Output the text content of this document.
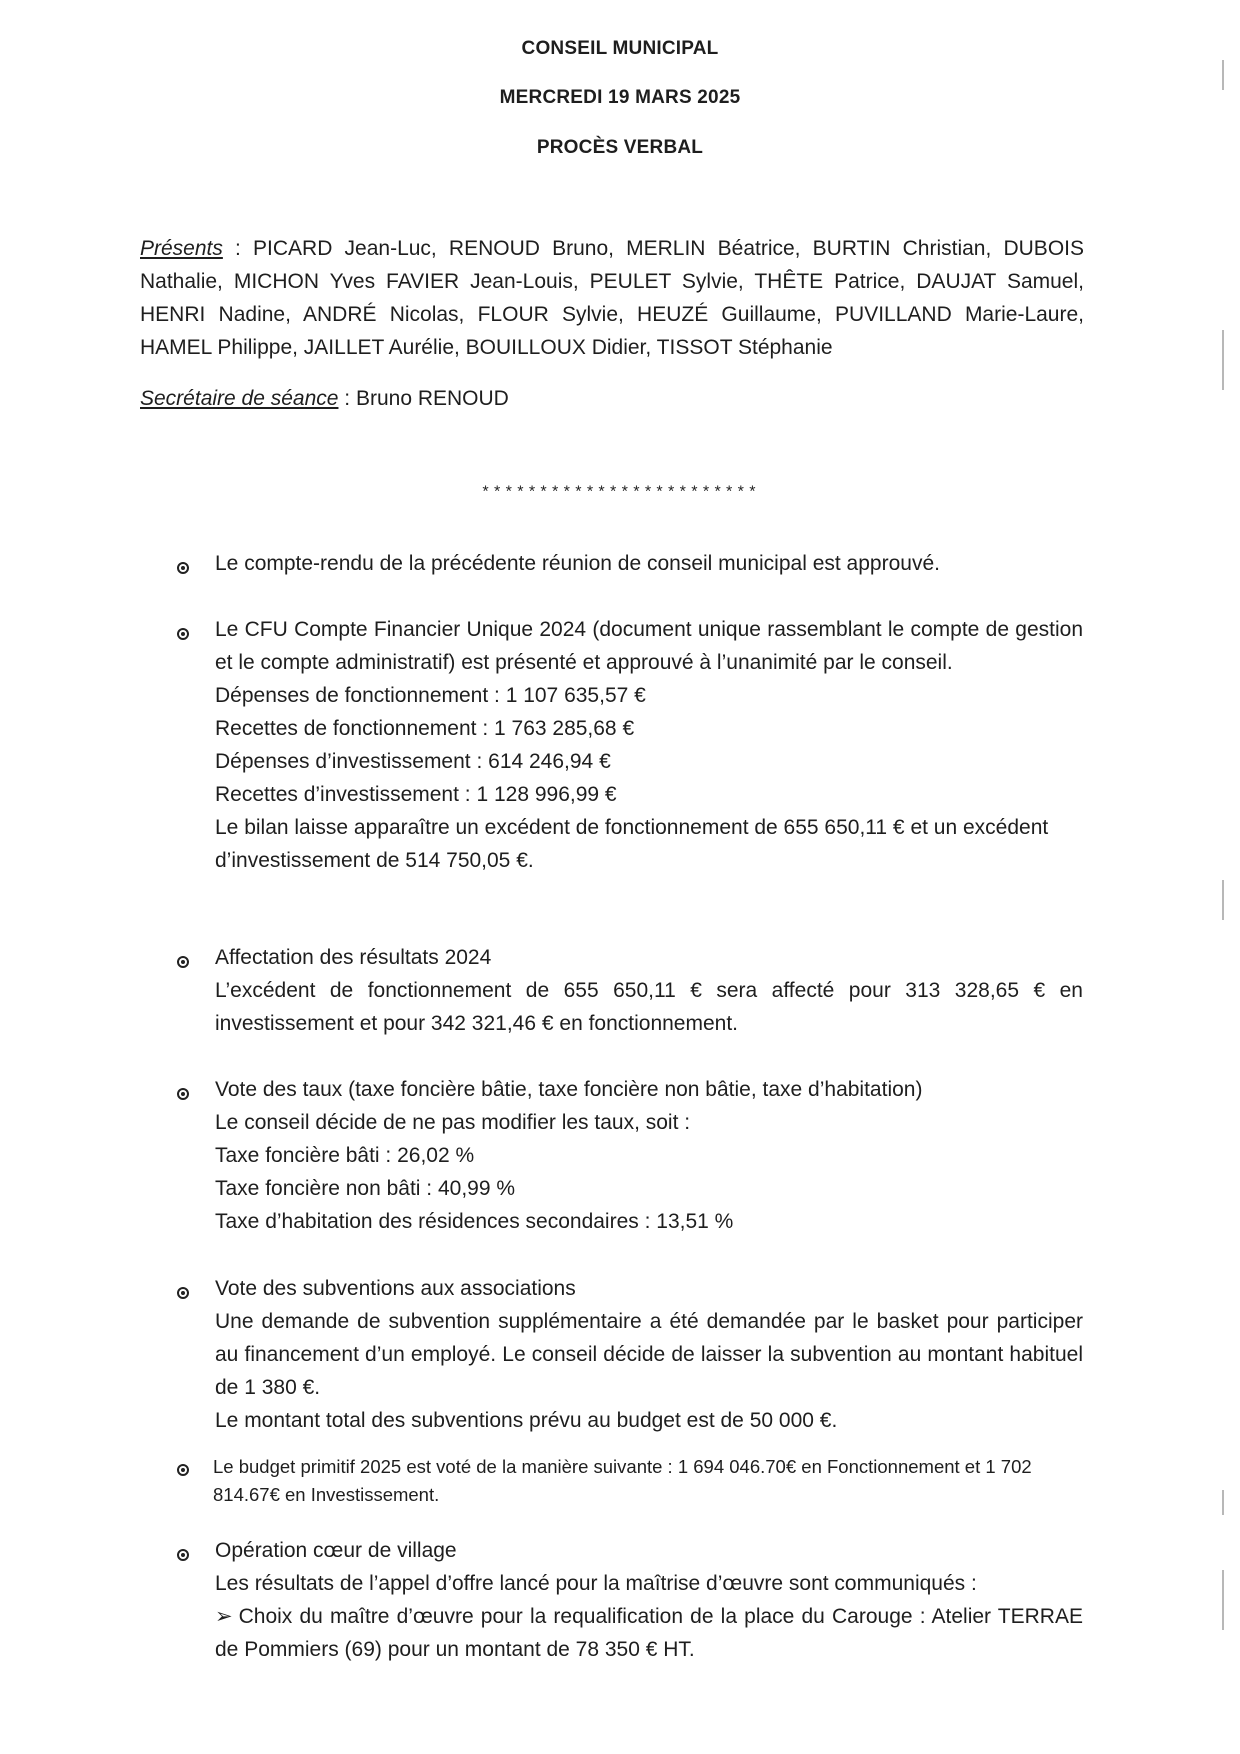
CONSEIL MUNICIPAL
MERCREDI 19 MARS 2025
PROCÈS VERBAL
Présents : PICARD Jean-Luc, RENOUD Bruno, MERLIN Béatrice, BURTIN Christian, DUBOIS Nathalie, MICHON Yves FAVIER Jean-Louis, PEULET Sylvie, THÊTE Patrice, DAUJAT Samuel, HENRI Nadine, ANDRÉ Nicolas, FLOUR Sylvie, HEUZÉ Guillaume, PUVILLAND Marie-Laure, HAMEL Philippe, JAILLET Aurélie, BOUILLOUX Didier, TISSOT Stéphanie
Secrétaire de séance : Bruno RENOUD
************************
Le compte-rendu de la précédente réunion de conseil municipal est approuvé.
Le CFU Compte Financier Unique 2024 (document unique rassemblant le compte de gestion et le compte administratif) est présenté et approuvé à l’unanimité par le conseil.
Dépenses de fonctionnement : 1 107 635,57 €
Recettes de fonctionnement : 1 763 285,68 €
Dépenses d’investissement : 614 246,94 €
Recettes d’investissement : 1 128 996,99 €
Le bilan laisse apparaître un excédent de fonctionnement de 655 650,11 € et un excédent d’investissement de 514 750,05 €.
Affectation des résultats 2024
L’excédent de fonctionnement de 655 650,11 € sera affecté pour 313 328,65 € en investissement et pour 342 321,46 € en fonctionnement.
Vote des taux (taxe foncière bâtie, taxe foncière non bâtie, taxe d’habitation)
Le conseil décide de ne pas modifier les taux, soit :
Taxe foncière bâti : 26,02 %
Taxe foncière non bâti : 40,99 %
Taxe d’habitation des résidences secondaires : 13,51 %
Vote des subventions aux associations
Une demande de subvention supplémentaire a été demandée par le basket pour participer au financement d’un employé. Le conseil décide de laisser la subvention au montant habituel de 1 380 €.
Le montant total des subventions prévu au budget est de 50 000 €.
Le budget primitif 2025 est voté de la manière suivante : 1 694 046.70€ en Fonctionnement et 1 702 814.67€ en Investissement.
Opération cœur de village
Les résultats de l’appel d’offre lancé pour la maîtrise d’œuvre sont communiqués :
➢ Choix du maître d’œuvre pour la requalification de la place du Carouge : Atelier TERRAE de Pommiers (69) pour un montant de 78 350 € HT.
